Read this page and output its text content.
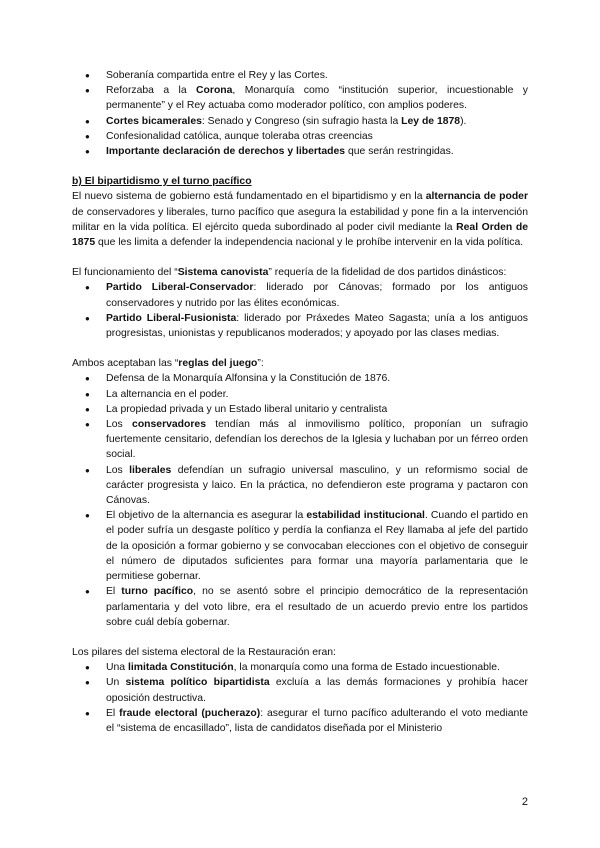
● Soberanía compartida entre el Rey y las Cortes.
● Reforzaba a la Corona, Monarquía como “institución superior, incuestionable y permanente” y el Rey actuaba como moderador político, con amplios poderes.
● Cortes bicamerales: Senado y Congreso (sin sufragio hasta la Ley de 1878).
● Confesionalidad católica, aunque toleraba otras creencias
● Importante declaración de derechos y libertades que serán restringidas.

b) El bipartidismo y el turno pacífico

El nuevo sistema de gobierno está fundamentado en el bipartidismo y en la alternancia de poder de conservadores y liberales, turno pacífico que asegura la estabilidad y pone fin a la intervención militar en la vida política. El ejército queda subordinado al poder civil mediante la Real Orden de 1875 que les limita a defender la independencia nacional y le prohíbe intervenir en la vida política.

El funcionamiento del “Sistema canovista” requería de la fidelidad de dos partidos dinásticos:

● Partido Liberal-Conservador: liderado por Cánovas; formado por los antiguos conservadores y nutrido por las élites económicas.
● Partido Liberal-Fusionista: liderado por Práxedes Mateo Sagasta; unía a los antiguos progresistas, unionistas y republicanos moderados; y apoyado por las clases medias.

Ambos aceptaban las “reglas del juego”:

● Defensa de la Monarquía Alfonsina y la Constitución de 1876.
● La alternancia en el poder.
● La propiedad privada y un Estado liberal unitario y centralista
● Los conservadores tendían más al inmovilismo político, proponían un sufragio fuertemente censitario, defendían los derechos de la Iglesia y luchaban por un férreo orden social.
● Los liberales defendían un sufragio universal masculino, y un reformismo social de carácter progresista y laico. En la práctica, no defendieron este programa y pactaron con Cánovas.
● El objetivo de la alternancia es asegurar la estabilidad institucional. Cuando el partido en el poder sufría un desgaste político y perdía la confianza el Rey llamaba al jefe del partido de la oposición a formar gobierno y se convocaban elecciones con el objetivo de conseguir el número de diputados suficientes para formar una mayoría parlamentaria que le permitiese gobernar.
● El turno pacífico, no se asentó sobre el principio democrático de la representación parlamentaria y del voto libre, era el resultado de un acuerdo previo entre los partidos sobre cuál debía gobernar.

Los pilares del sistema electoral de la Restauración eran:

● Una limitada Constitución, la monarquía como una forma de Estado incuestionable.
● Un sistema político bipartidista excluía a las demás formaciones y prohibía hacer oposición destructiva.
● El fraude electoral (pucherazo): asegurar el turno pacífico adulterando el voto mediante el “sistema de encasillado”, lista de candidatos diseñada por el Ministerio
2
